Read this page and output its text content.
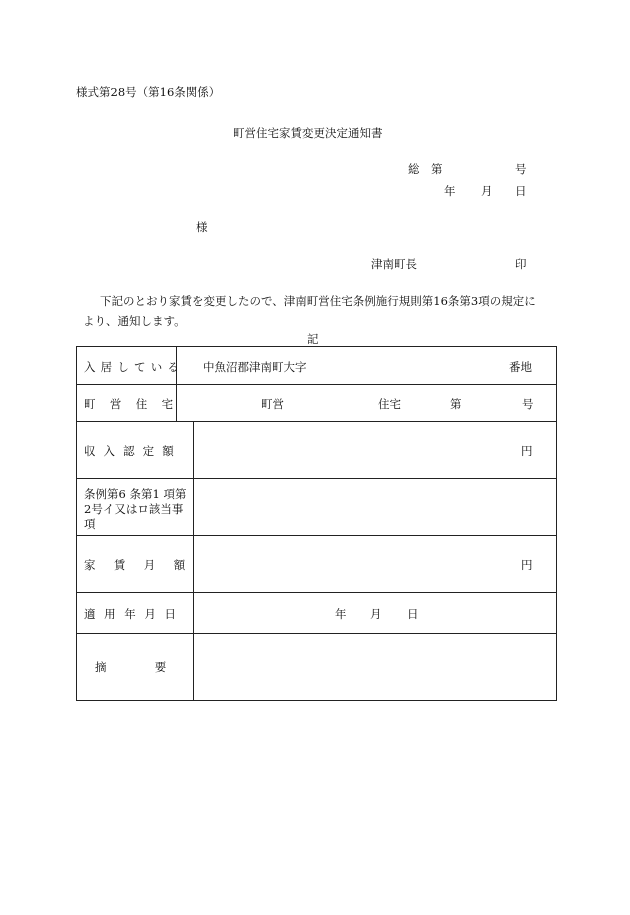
様式第28号（第16条関係）
町営住宅家賃変更決定通知書
総 第	号
年 月 日
様
津南町長	印
下記のとおり家賃を変更したので、津南町営住宅条例施行規則第16条第3項の規定に
より、通知します。
記
入居している 中魚沼郡津南町大字	番地
町営住宅	町営	住宅	第	号
収入認定額	円
条例第6 条第1 項第
2号イ又はロ該当事
項
家賃月額	円
適用年月日	年 月 日
摘要
